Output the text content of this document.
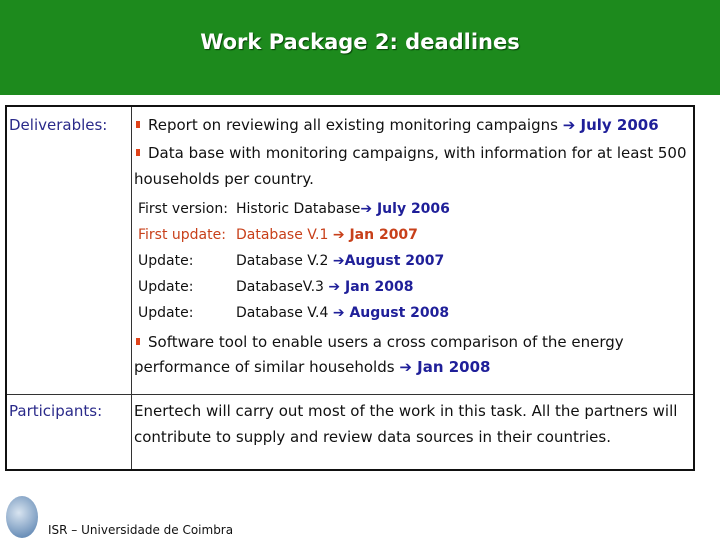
Work Package 2: deadlines
Deliverables:	Report on reviewing all existing monitoring campaigns ➔ July 2006
Data base with monitoring campaigns, with information for at least 500
households per country.
First version: Historic Database➔ July 2006
First update: Database V.1 ➔ Jan 2007
Update:	Database V.2 ➔August 2007
Update:	DatabaseV.3 ➔ Jan 2008
Update:	Database V.4 ➔ August 2008
Software tool to enable users a cross comparison of the energy
performance of similar households ➔ Jan 2008
Participants: Enertech will carry out most of the work in this task. All the partners will
contribute to supply and review data sources in their countries.
ISR – Universidade de Coimbra
